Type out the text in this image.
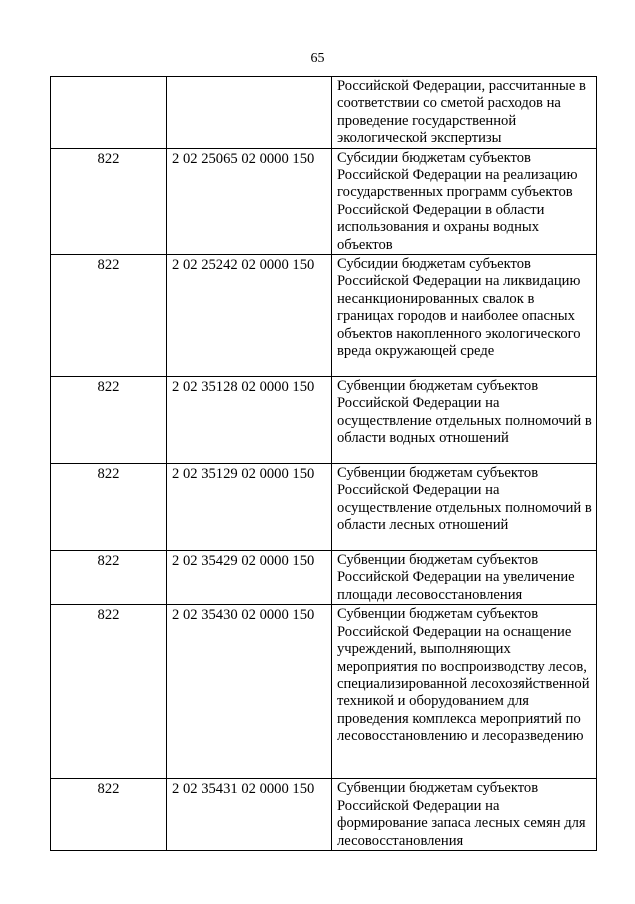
65
		Российской Федерации, рассчитанные в соответствии со сметой расходов на проведение государственной экологической экспертизы
822	2 02 25065 02 0000 150	Субсидии бюджетам субъектов Российской Федерации на реализацию государственных программ субъектов Российской Федерации в области использования и охраны водных объектов
822	2 02 25242 02 0000 150	Субсидии бюджетам субъектов Российской Федерации на ликвидацию несанкционированных свалок в границах городов и наиболее опасных объектов накопленного экологического вреда окружающей среде
822	2 02 35128 02 0000 150	Субвенции бюджетам субъектов Российской Федерации на осуществление отдельных полномочий в области водных отношений
822	2 02 35129 02 0000 150	Субвенции бюджетам субъектов Российской Федерации на осуществление отдельных полномочий в области лесных отношений
822	2 02 35429 02 0000 150	Субвенции бюджетам субъектов Российской Федерации на увеличение площади лесовосстановления
822	2 02 35430 02 0000 150	Субвенции бюджетам субъектов Российской Федерации на оснащение учреждений, выполняющих мероприятия по воспроизводству лесов, специализированной лесохозяйственной техникой и оборудованием для проведения комплекса мероприятий по лесовосстановлению и лесоразведению
822	2 02 35431 02 0000 150	Субвенции бюджетам субъектов Российской Федерации на формирование запаса лесных семян для лесовосстановления
